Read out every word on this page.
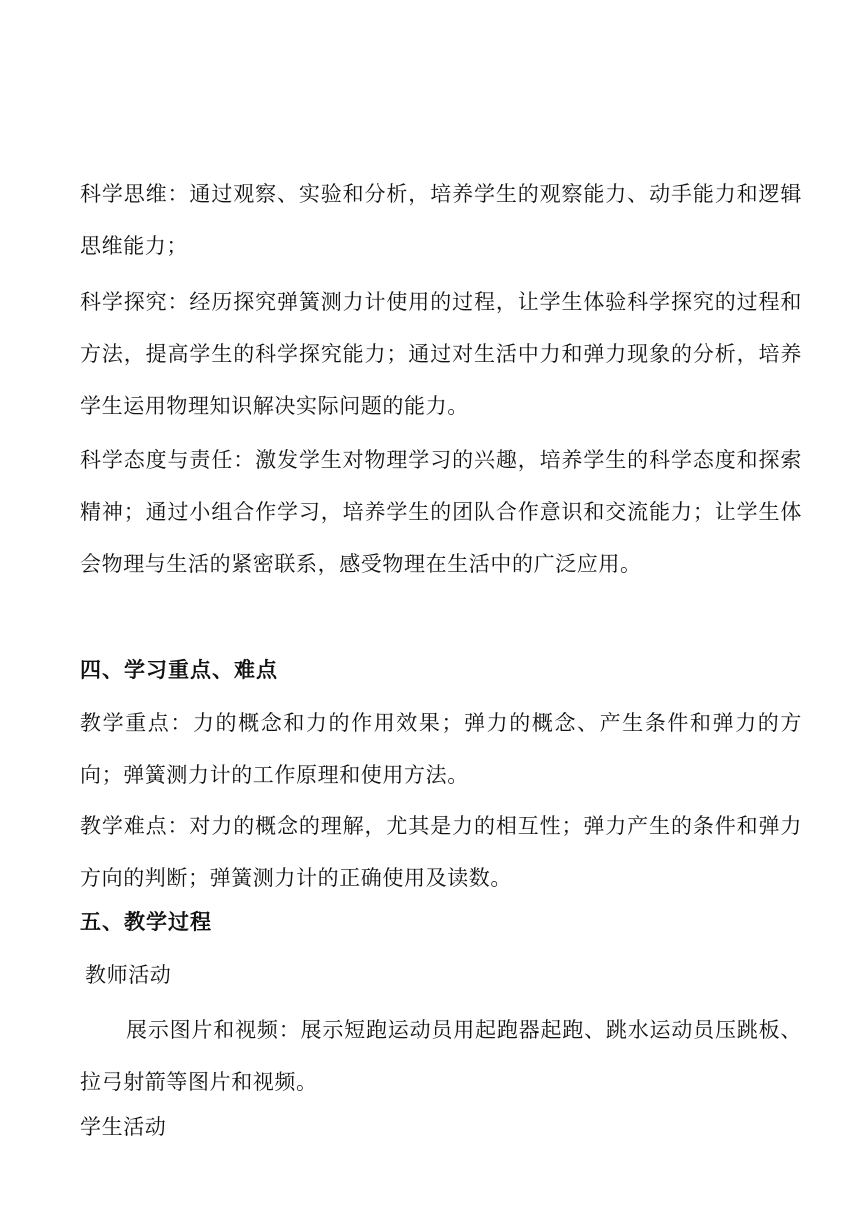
科学思维：通过观察、实验和分析，培养学生的观察能力、动手能力和逻辑思维能力；

科学探究：经历探究弹簧测力计使用的过程，让学生体验科学探究的过程和方法，提高学生的科学探究能力；通过对生活中力和弹力现象的分析，培养学生运用物理知识解决实际问题的能力。

科学态度与责任：激发学生对物理学习的兴趣，培养学生的科学态度和探索精神；通过小组合作学习，培养学生的团队合作意识和交流能力；让学生体会物理与生活的紧密联系，感受物理在生活中的广泛应用。

四、学习重点、难点

教学重点：力的概念和力的作用效果；弹力的概念、产生条件和弹力的方向；弹簧测力计的工作原理和使用方法。

教学难点：对力的概念的理解，尤其是力的相互性；弹力产生的条件和弹力方向的判断；弹簧测力计的正确使用及读数。

五、教学过程

教师活动

展示图片和视频：展示短跑运动员用起跑器起跑、跳水运动员压跳板、拉弓射箭等图片和视频。

学生活动
